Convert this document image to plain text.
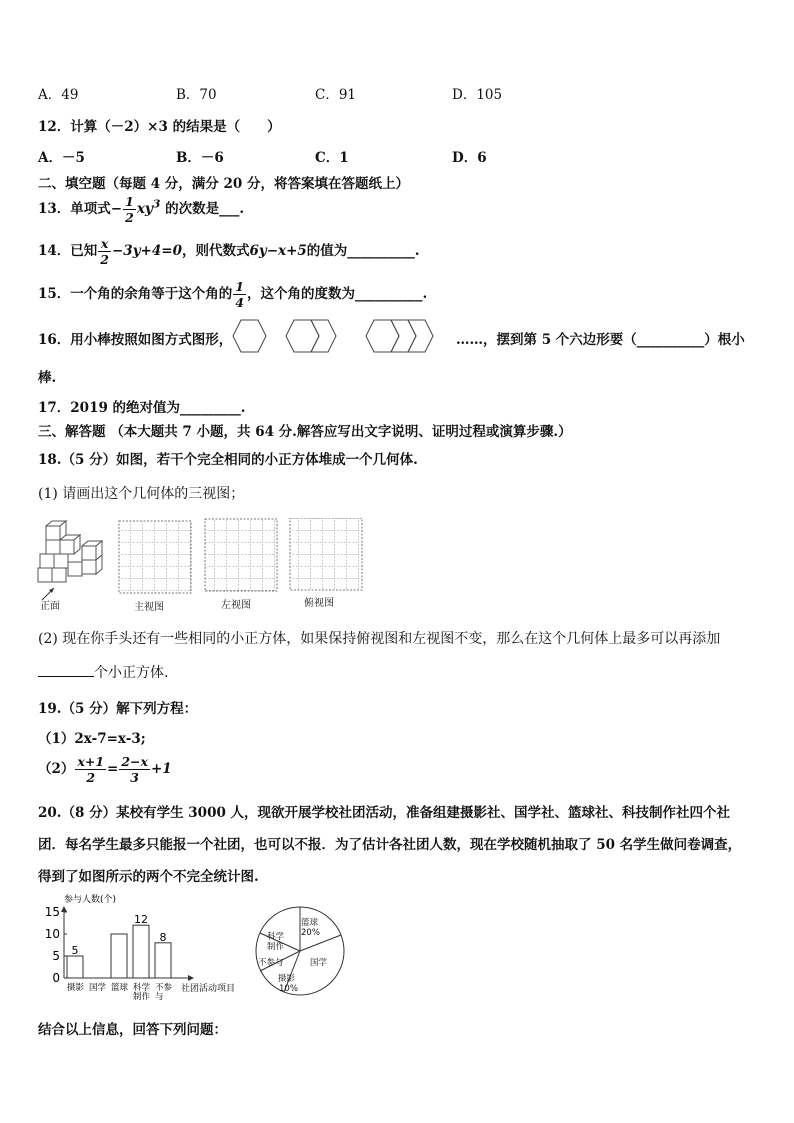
A．49	B．70	C．91	D．105
12．计算（－2）×3 的结果是（　　）
A．－5	B．－6	C．1	D．6
二、填空题（每题 4 分，满分 20 分，将答案填在答题纸上）
13．单项式− $\frac{1}{2} xy^3$ 的次数是___.
14．已知 $\frac{x}{2} -3y+4=0$，则代数式6y−x+5的值为__________.
15．一个角的余角等于这个角的 $\frac{1}{4}$ ，这个角的度数为__________.
16．用小棒按照如图方式图形，	……，摆到第 5 个六边形要（__________）根小
棒.
17．2019 的绝对值为_________.
三、解答题 （本大题共 7 小题，共 64 分.解答应写出文字说明、证明过程或演算步骤.）
18.（5 分）如图，若干个完全相同的小正方体堆成一个几何体.
(1) 请画出这个几何体的三视图；
正面	主视图	左视图	俯视图
(2) 现在你手头还有一些相同的小正方体，如果保持俯视图和左视图不变，那么在这个几何体上最多可以再添加
个小正方体.
19.（5 分）解下列方程：
（1）2x-7=x-3;
$(2) \frac{x+1}{2} = \frac{2-x}{3} +1$
20.（8 分）某校有学生 3000 人，现欲开展学校社团活动，准备组建摄影社、国学社、篮球社、科技制作社四个社
团．每名学生最多只能报一个社团，也可以不报．为了估计各社团人数，现在学校随机抽取了 50 名学生做问卷调查，
得到了如图所示的两个不完全统计图.
参与人数(个)
0
5
10
15
5
12
8
摄影 国学 篮球 科学
制作
不参
与
社团活动项目
篮球
20%
国学
摄影
10%
不参与
科学
制作
结合以上信息，回答下列问题：
